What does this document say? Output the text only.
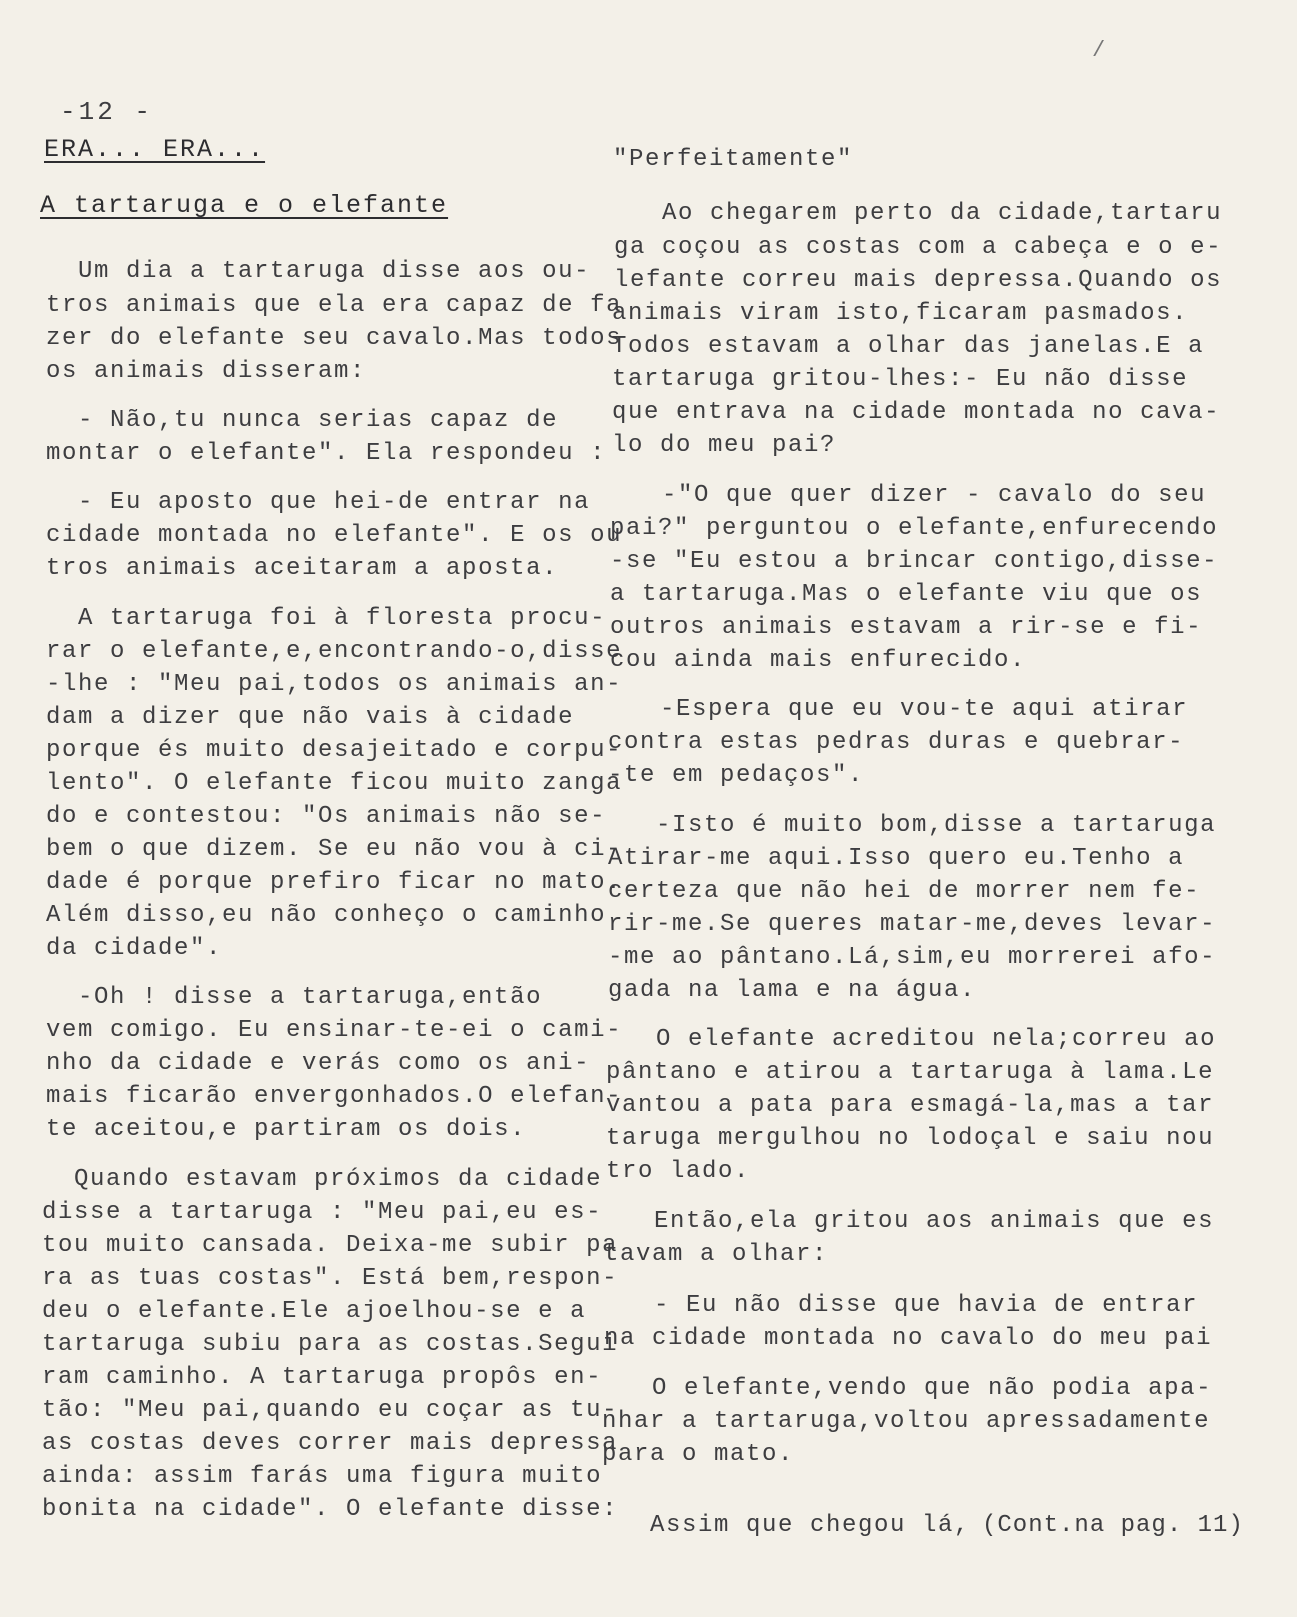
/
-12 -
ERA... ERA...
A tartaruga e o elefante
Um dia a tartaruga disse aos ou-
tros animais que ela era capaz de fa
zer do elefante seu cavalo.Mas todos
os animais disseram:
- Não,tu nunca serias capaz de
montar o elefante". Ela respondeu :
- Eu aposto que hei-de entrar na
cidade montada no elefante". E os ou
tros animais aceitaram a aposta.
A tartaruga foi à floresta procu-
rar o elefante,e,encontrando-o,disse
-lhe : "Meu pai,todos os animais an-
dam a dizer que não vais à cidade
porque és muito desajeitado e corpu-
lento". O elefante ficou muito zanga
do e contestou: "Os animais não se-
bem o que dizem. Se eu não vou à ci-
dade é porque prefiro ficar no mato.
Além disso,eu não conheço o caminho
da cidade".
-Oh ! disse a tartaruga,então
vem comigo. Eu ensinar-te-ei o cami-
nho da cidade e verás como os ani-
mais ficarão envergonhados.O elefan-
te aceitou,e partiram os dois.
Quando estavam próximos da cidade
disse a tartaruga : "Meu pai,eu es-
tou muito cansada. Deixa-me subir pa
ra as tuas costas". Está bem,respon-
deu o elefante.Ele ajoelhou-se e a
tartaruga subiu para as costas.Segui
ram caminho. A tartaruga propôs en-
tão: "Meu pai,quando eu coçar as tu-
as costas deves correr mais depressa
ainda: assim farás uma figura muito
bonita na cidade". O elefante disse:
"Perfeitamente"
Ao chegarem perto da cidade,tartaru
ga coçou as costas com a cabeça e o e-
lefante correu mais depressa.Quando os
animais viram isto,ficaram pasmados.
Todos estavam a olhar das janelas.E a
tartaruga gritou-lhes:- Eu não disse
que entrava na cidade montada no cava-
lo do meu pai?
-"O que quer dizer - cavalo do seu
pai?" perguntou o elefante,enfurecendo
-se "Eu estou a brincar contigo,disse-
a tartaruga.Mas o elefante viu que os
outros animais estavam a rir-se e fi-
cou ainda mais enfurecido.
-Espera que eu vou-te aqui atirar
contra estas pedras duras e quebrar-
-te em pedaços".
-Isto é muito bom,disse a tartaruga
Atirar-me aqui.Isso quero eu.Tenho a
certeza que não hei de morrer nem fe-
rir-me.Se queres matar-me,deves levar-
-me ao pântano.Lá,sim,eu morrerei afo-
gada na lama e na água.
O elefante acreditou nela;correu ao
pântano e atirou a tartaruga à lama.Le
vantou a pata para esmagá-la,mas a tar
taruga mergulhou no lodoçal e saiu nou
tro lado.
Então,ela gritou aos animais que es
tavam a olhar:
- Eu não disse que havia de entrar
na cidade montada no cavalo do meu pai
O elefante,vendo que não podia apa-
nhar a tartaruga,voltou apressadamente
para o mato.
Assim que chegou lá, (Cont.na pag. 11)
